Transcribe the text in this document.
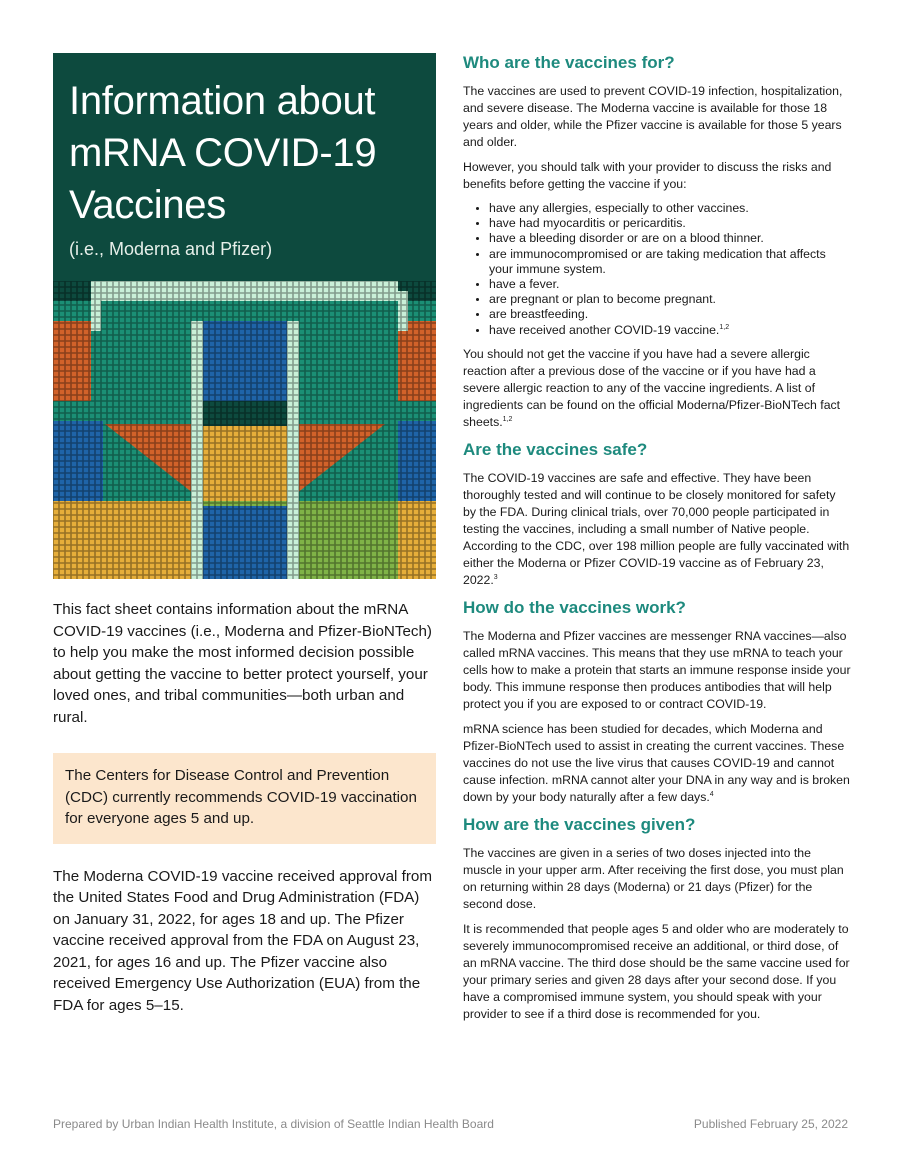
Information about
mRNA COVID-19
Vaccines
(i.e., Moderna and Pfizer)

This fact sheet contains information about the mRNA COVID-19 vaccines (i.e., Moderna and Pfizer-BioNTech) to help you make the most informed decision possible about getting the vaccine to better protect yourself, your loved ones, and tribal communities—both urban and rural.

The Centers for Disease Control and Prevention (CDC) currently recommends COVID-19 vaccination for everyone ages 5 and up.

The Moderna COVID-19 vaccine received approval from the United States Food and Drug Administration (FDA) on January 31, 2022, for ages 18 and up. The Pfizer vaccine received approval from the FDA on August 23, 2021, for ages 16 and up. The Pfizer vaccine also received Emergency Use Authorization (EUA) from the FDA for ages 5–15.

Who are the vaccines for?

The vaccines are used to prevent COVID-19 infection, hospitalization, and severe disease. The Moderna vaccine is available for those 18 years and older, while the Pfizer vaccine is available for those 5 years and older.

However, you should talk with your provider to discuss the risks and benefits before getting the vaccine if you:

• have any allergies, especially to other vaccines.
• have had myocarditis or pericarditis.
• have a bleeding disorder or are on a blood thinner.
• are immunocompromised or are taking medication that affects your immune system.
• have a fever.
• are pregnant or plan to become pregnant.
• are breastfeeding.
• have received another COVID-19 vaccine.$^{1,2}$

You should not get the vaccine if you have had a severe allergic reaction after a previous dose of the vaccine or if you have had a severe allergic reaction to any of the vaccine ingredients. A list of ingredients can be found on the official Moderna/Pfizer-BioNTech fact sheets.$^{1,2}$

Are the vaccines safe?

The COVID-19 vaccines are safe and effective. They have been thoroughly tested and will continue to be closely monitored for safety by the FDA. During clinical trials, over 70,000 people participated in testing the vaccines, including a small number of Native people. According to the CDC, over 198 million people are fully vaccinated with either the Moderna or Pfizer COVID-19 vaccine as of February 23, 2022.$^3$

How do the vaccines work?

The Moderna and Pfizer vaccines are messenger RNA vaccines—also called mRNA vaccines. This means that they use mRNA to teach your cells how to make a protein that starts an immune response inside your body. This immune response then produces antibodies that will help protect you if you are exposed to or contract COVID-19.

mRNA science has been studied for decades, which Moderna and Pfizer-BioNTech used to assist in creating the current vaccines. These vaccines do not use the live virus that causes COVID-19 and cannot cause infection. mRNA cannot alter your DNA in any way and is broken down by your body naturally after a few days.$^4$

How are the vaccines given?

The vaccines are given in a series of two doses injected into the muscle in your upper arm. After receiving the first dose, you must plan on returning within 28 days (Moderna) or 21 days (Pfizer) for the second dose.

It is recommended that people ages 5 and older who are moderately to severely immunocompromised receive an additional, or third dose, of an mRNA vaccine. The third dose should be the same vaccine used for your primary series and given 28 days after your second dose. If you have a compromised immune system, you should speak with your provider to see if a third dose is recommended for you.

Prepared by Urban Indian Health Institute, a division of Seattle Indian Health Board	Published February 25, 2022
